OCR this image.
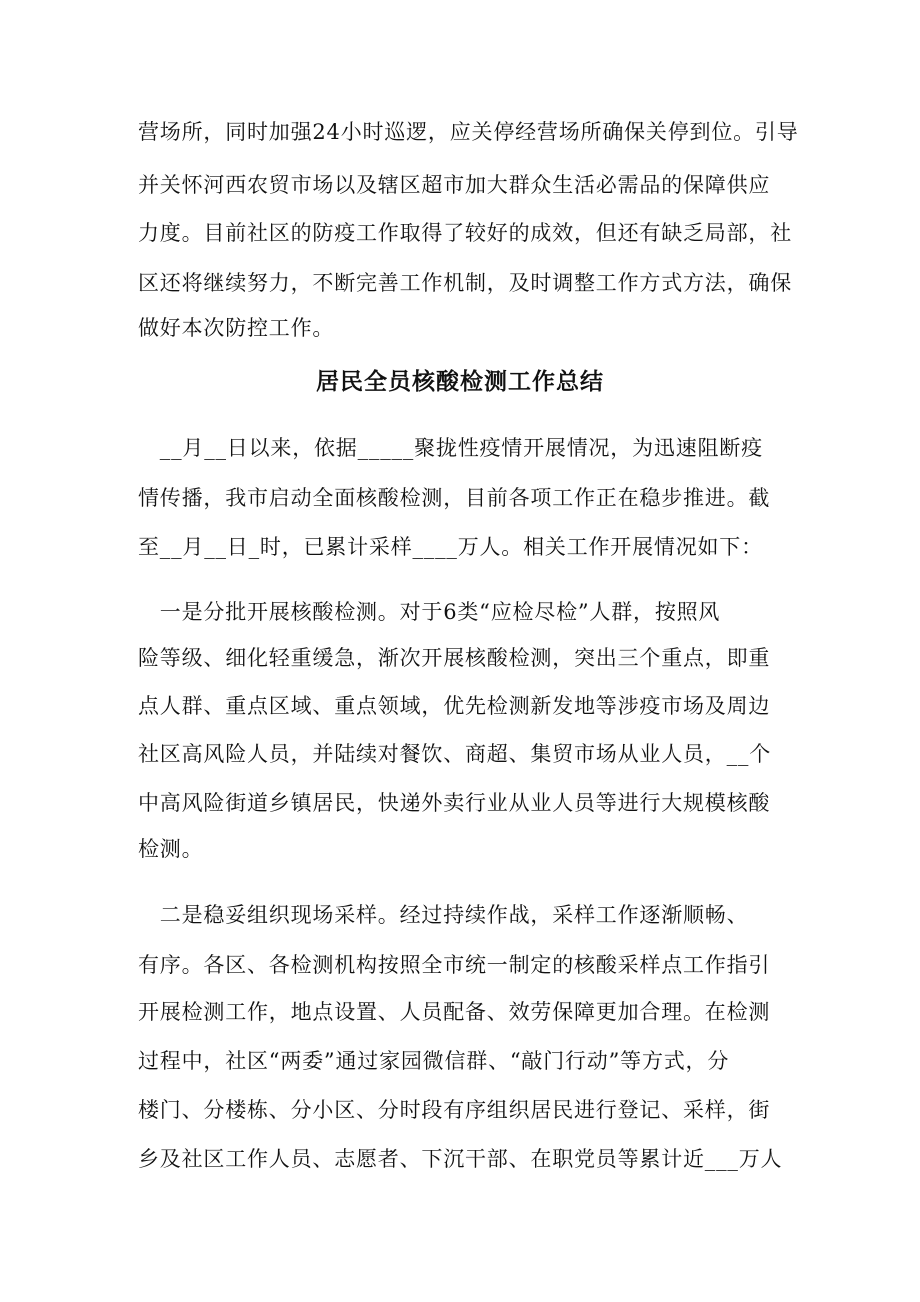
营场所，同时加强24小时巡逻，应关停经营场所确保关停到位。引导
并关怀河西农贸市场以及辖区超市加大群众生活必需品的保障供应
力度。目前社区的防疫工作取得了较好的成效，但还有缺乏局部，社
区还将继续努力，不断完善工作机制，及时调整工作方式方法，确保
做好本次防控工作。
居民全员核酸检测工作总结
　__月__日以来，依据_____聚拢性疫情开展情况，为迅速阻断疫
情传播，我市启动全面核酸检测，目前各项工作正在稳步推进。截
至__月__日_时，已累计采样____万人。相关工作开展情况如下：
　一是分批开展核酸检测。对于6类“应检尽检”人群，按照风
险等级、细化轻重缓急，渐次开展核酸检测，突出三个重点，即重
点人群、重点区域、重点领域，优先检测新发地等涉疫市场及周边
社区高风险人员，并陆续对餐饮、商超、集贸市场从业人员，__个
中高风险街道乡镇居民，快递外卖行业从业人员等进行大规模核酸
检测。
　二是稳妥组织现场采样。经过持续作战，采样工作逐渐顺畅、
有序。各区、各检测机构按照全市统一制定的核酸采样点工作指引
开展检测工作，地点设置、人员配备、效劳保障更加合理。在检测
过程中，社区“两委”通过家园微信群、“敲门行动”等方式，分
楼门、分楼栋、分小区、分时段有序组织居民进行登记、采样，街
乡及社区工作人员、志愿者、下沉干部、在职党员等累计近___万人
